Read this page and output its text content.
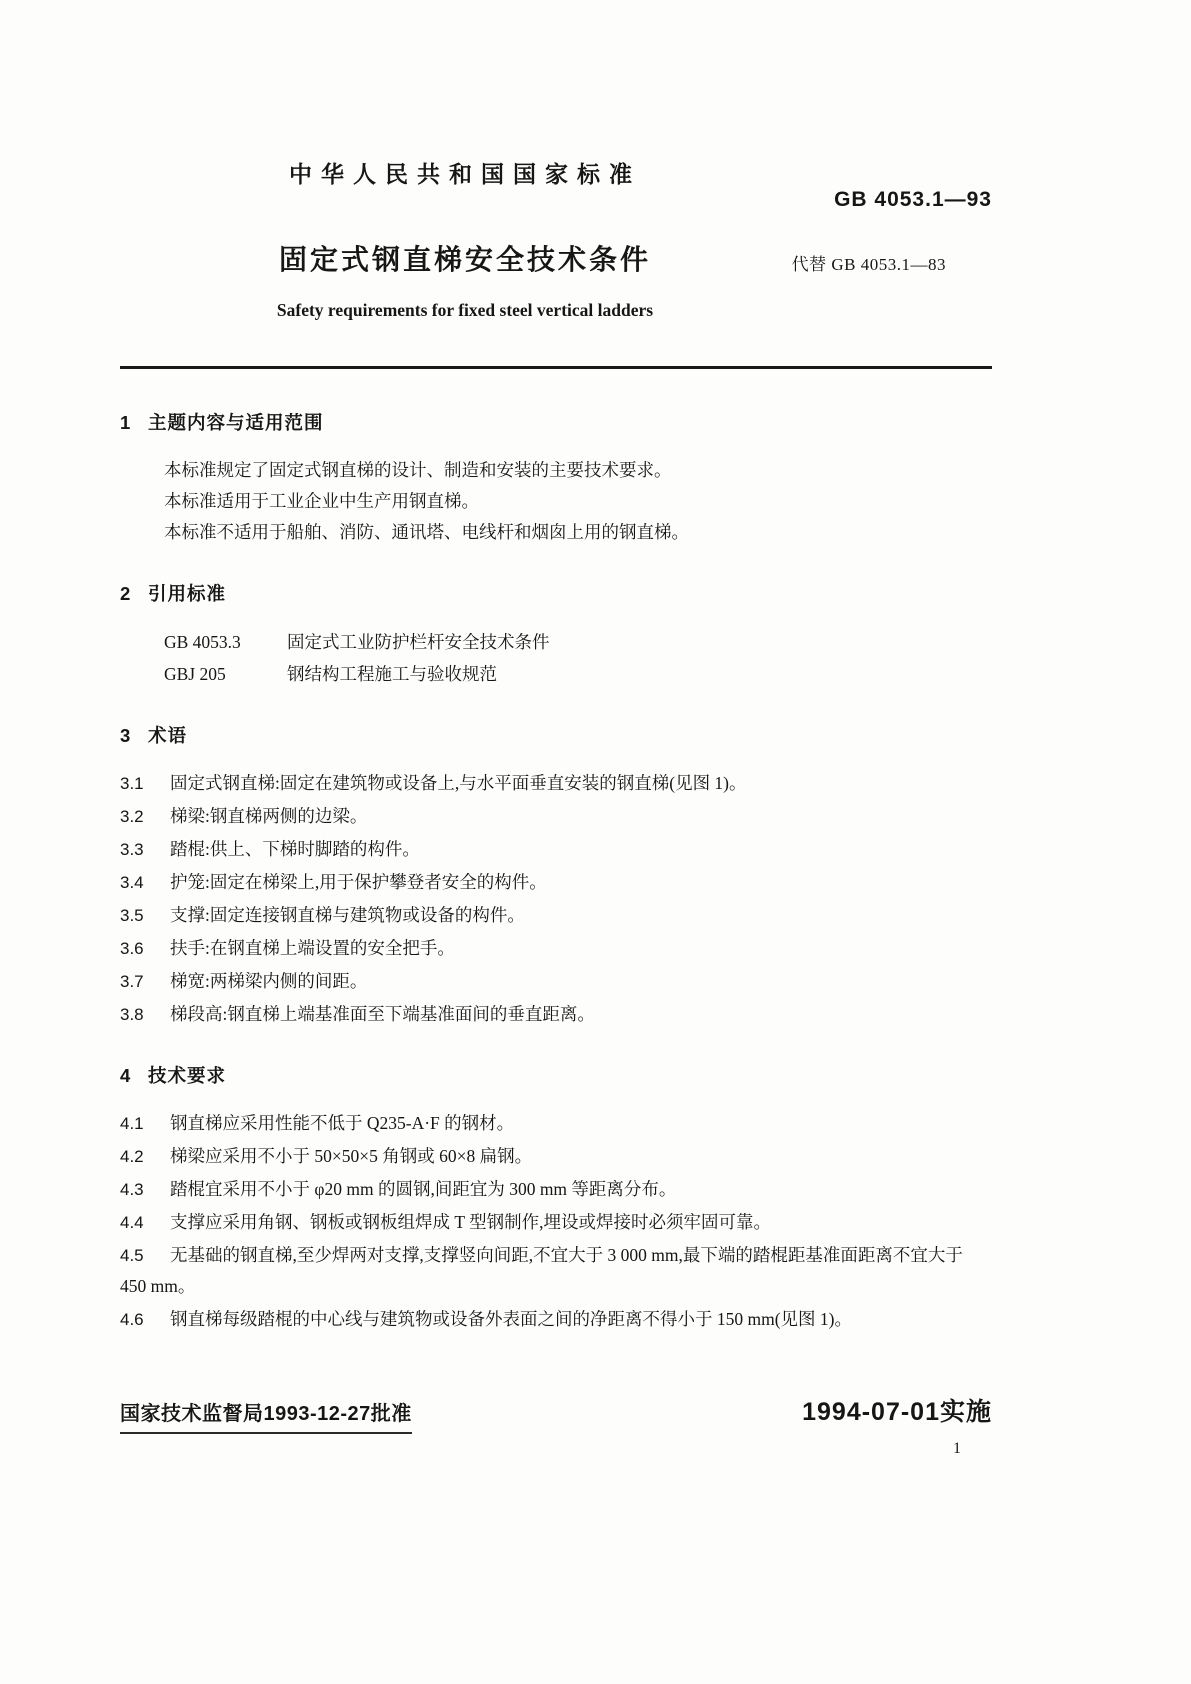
中华人民共和国国家标准
GB 4053.1—93
固定式钢直梯安全技术条件	代替 GB 4053.1—83
Safety requirements for fixed steel vertical ladders
1 主题内容与适用范围

本标准规定了固定式钢直梯的设计、制造和安装的主要技术要求。

本标准适用于工业企业中生产用钢直梯。

本标准不适用于船舶、消防、通讯塔、电线杆和烟囱上用的钢直梯。

2 引用标准

GB 4053.3	固定式工业防护栏杆安全技术条件

GBJ 205	钢结构工程施工与验收规范

3 术语

3.1 固定式钢直梯:固定在建筑物或设备上,与水平面垂直安装的钢直梯(见图 1)。

3.2 梯梁:钢直梯两侧的边梁。

3.3 踏棍:供上、下梯时脚踏的构件。

3.4 护笼:固定在梯梁上,用于保护攀登者安全的构件。

3.5 支撑:固定连接钢直梯与建筑物或设备的构件。

3.6 扶手:在钢直梯上端设置的安全把手。

3.7 梯宽:两梯梁内侧的间距。

3.8 梯段高:钢直梯上端基准面至下端基准面间的垂直距离。

4 技术要求

4.1 钢直梯应采用性能不低于 Q235-A·F 的钢材。

4.2 梯梁应采用不小于 50×50×5 角钢或 60×8 扁钢。

4.3 踏棍宜采用不小于 φ20 mm 的圆钢,间距宜为 300 mm 等距离分布。

4.4 支撑应采用角钢、钢板或钢板组焊成 T 型钢制作,埋设或焊接时必须牢固可靠。

4.5 无基础的钢直梯,至少焊两对支撑,支撑竖向间距,不宜大于 3 000 mm,最下端的踏棍距基准面距离不宜大于 450 mm。

4.6 钢直梯每级踏棍的中心线与建筑物或设备外表面之间的净距离不得小于 150 mm(见图 1)。

国家技术监督局1993-12-27批准	1994-07-01实施
1
